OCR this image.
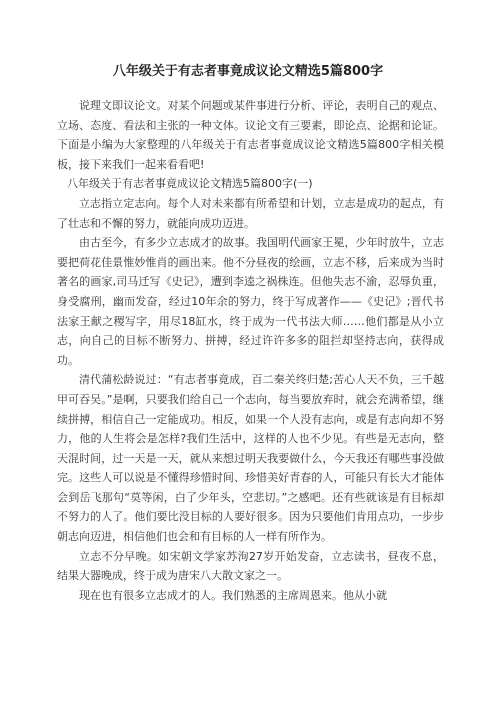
八年级关于有志者事竟成议论文精选5篇800字

说理文即议论文。对某个问题或某件事进行分析、评论，表明自己的观点、立场、态度、看法和主张的一种文体。议论文有三要素，即论点、论据和论证。下面是小编为大家整理的八年级关于有志者事竟成议论文精选5篇800字相关模板，接下来我们一起来看看吧!

八年级关于有志者事竟成议论文精选5篇800字(一)

立志指立定志向。每个人对未来都有所希望和计划，立志是成功的起点，有了壮志和不懈的努力，就能向成功迈进。

由古至今，有多少立志成才的故事。我国明代画家王冕，少年时放牛，立志要把荷花佳景惟妙惟肖的画出来。他不分昼夜的绘画，立志不移，后来成为当时著名的画家,司马迁写《史记》，遭到李逵之祸株连。但他失志不渝，忍辱负重，身受腐刑，幽而发奋，经过10年余的努力，终于写成著作——《史记》;晋代书法家王献之稷写字，用尽18缸水，终于成为一代书法大师……他们都是从小立志，向自己的目标不断努力、拼搏，经过许许多多的阻拦却坚持志向，获得成功。

清代蒲松龄说过：“有志者事竟成，百二秦关终归楚;苦心人天不负，三千越甲可吞吴。”是啊，只要我们给自己一个志向，每当要放弃时，就会充满希望，继续拼搏，相信自己一定能成功。相反，如果一个人没有志向，或是有志向却不努力，他的人生将会是怎样?我们生活中，这样的人也不少见。有些是无志向，整天混时间，过一天是一天，就从来想过明天我要做什么，今天我还有哪些事没做完。这些人可以说是不懂得珍惜时间、珍惜美好青春的人，可能只有长大才能体会到岳飞那句“莫等闲，白了少年头，空悲切。”之感吧。还有些就该是有目标却不努力的人了。他们要比没目标的人要好很多。因为只要他们肯用点功，一步步朝志向迈进，相信他们也会和有目标的人一样有所作为。

立志不分早晚。如宋朝文学家苏洵27岁开始发奋，立志读书，昼夜不息，结果大器晚成，终于成为唐宋八大散文家之一。

现在也有很多立志成才的人。我们熟悉的主席周恩来。他从小就
